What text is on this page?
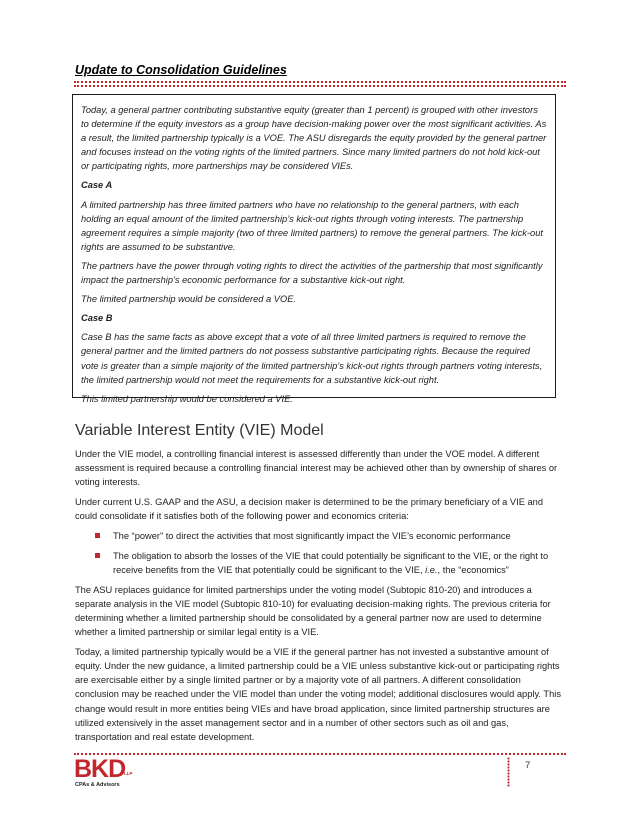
Update to Consolidation Guidelines

Today, a general partner contributing substantive equity (greater than 1 percent) is grouped with other investors to determine if the equity investors as a group have decision-making power over the most significant activities. As a result, the limited partnership typically is a VOE. The ASU disregards the equity provided by the general partner and focuses instead on the voting rights of the limited partners. Since many limited partners do not hold kick-out or participating rights, more partnerships may be considered VIEs.

Case A

A limited partnership has three limited partners who have no relationship to the general partners, with each holding an equal amount of the limited partnership’s kick-out rights through voting interests. The partnership agreement requires a simple majority (two of three limited partners) to remove the general partners. The kick-out rights are assumed to be substantive.

The partners have the power through voting rights to direct the activities of the partnership that most significantly impact the partnership’s economic performance for a substantive kick-out right.

The limited partnership would be considered a VOE.

Case B

Case B has the same facts as above except that a vote of all three limited partners is required to remove the general partner and the limited partners do not possess substantive participating rights. Because the required vote is greater than a simple majority of the limited partnership’s kick-out rights through partners voting interests, the limited partnership would not meet the requirements for a substantive kick-out right.

This limited partnership would be considered a VIE.

Variable Interest Entity (VIE) Model

Under the VIE model, a controlling financial interest is assessed differently than under the VOE model. A different assessment is required because a controlling financial interest may be achieved other than by ownership of shares or voting interests.

Under current U.S. GAAP and the ASU, a decision maker is determined to be the primary beneficiary of a VIE and could consolidate if it satisfies both of the following power and economics criteria:

The “power” to direct the activities that most significantly impact the VIE’s economic performance
The obligation to absorb the losses of the VIE that could potentially be significant to the VIE, or the right to receive benefits from the VIE that potentially could be significant to the VIE, i.e., the “economics”

The ASU replaces guidance for limited partnerships under the voting model (Subtopic 810-20) and introduces a separate analysis in the VIE model (Subtopic 810-10) for evaluating decision-making rights. The previous criteria for determining whether a limited partnership should be consolidated by a general partner now are used to determine whether a limited partnership or similar legal entity is a VIE.

Today, a limited partnership typically would be a VIE if the general partner has not invested a substantive amount of equity. Under the new guidance, a limited partnership could be a VIE unless substantive kick-out or participating rights are exercisable either by a single limited partner or by a majority vote of all partners. A different consolidation conclusion may be reached under the VIE model than under the voting model; additional disclosures would apply. This change would result in more entities being VIEs and have broad application, since limited partnership structures are utilized extensively in the asset management sector and in a number of other sectors such as oil and gas, transportation and real estate development.

7
BKD
LLP
CPAs & Advisors
